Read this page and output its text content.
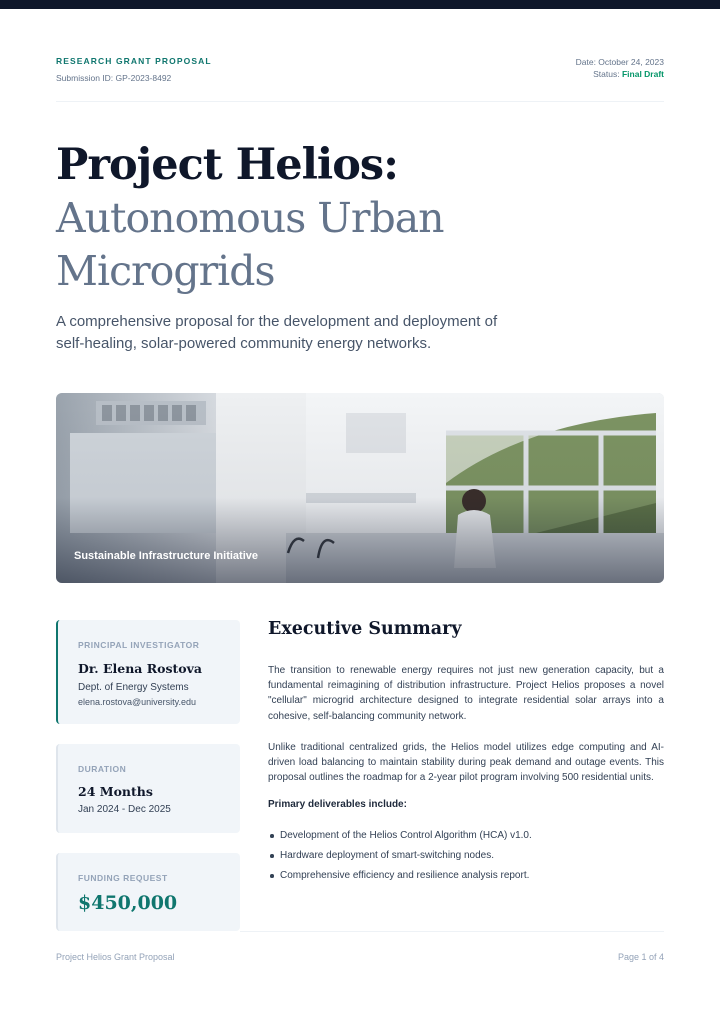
RESEARCH GRANT PROPOSAL
Submission ID: GP-2023-8492
Date: October 24, 2023
Status: Final Draft
Project Helios:
Autonomous Urban
Microgrids
A comprehensive proposal for the development and deployment of
self-healing, solar-powered community energy networks.
Sustainable Infrastructure Initiative
PRINCIPAL INVESTIGATOR
Dr. Elena Rostova
Dept. of Energy Systems
elena.rostova@university.edu
DURATION
24 Months
Jan 2024 - Dec 2025
FUNDING REQUEST
$450,000
Executive Summary
The transition to renewable energy requires not just new generation capacity, but a
fundamental reimagining of distribution infrastructure. Project Helios proposes a novel
"cellular" microgrid architecture designed to integrate residential solar arrays into a
cohesive, self-balancing community network.
Unlike traditional centralized grids, the Helios model utilizes edge computing and AI-
driven load balancing to maintain stability during peak demand and outage events. This
proposal outlines the roadmap for a 2-year pilot program involving 500 residential units.
Primary deliverables include:
Development of the Helios Control Algorithm (HCA) v1.0.
Hardware deployment of smart-switching nodes.
Comprehensive efficiency and resilience analysis report.
Project Helios Grant Proposal	Page 1 of 4
